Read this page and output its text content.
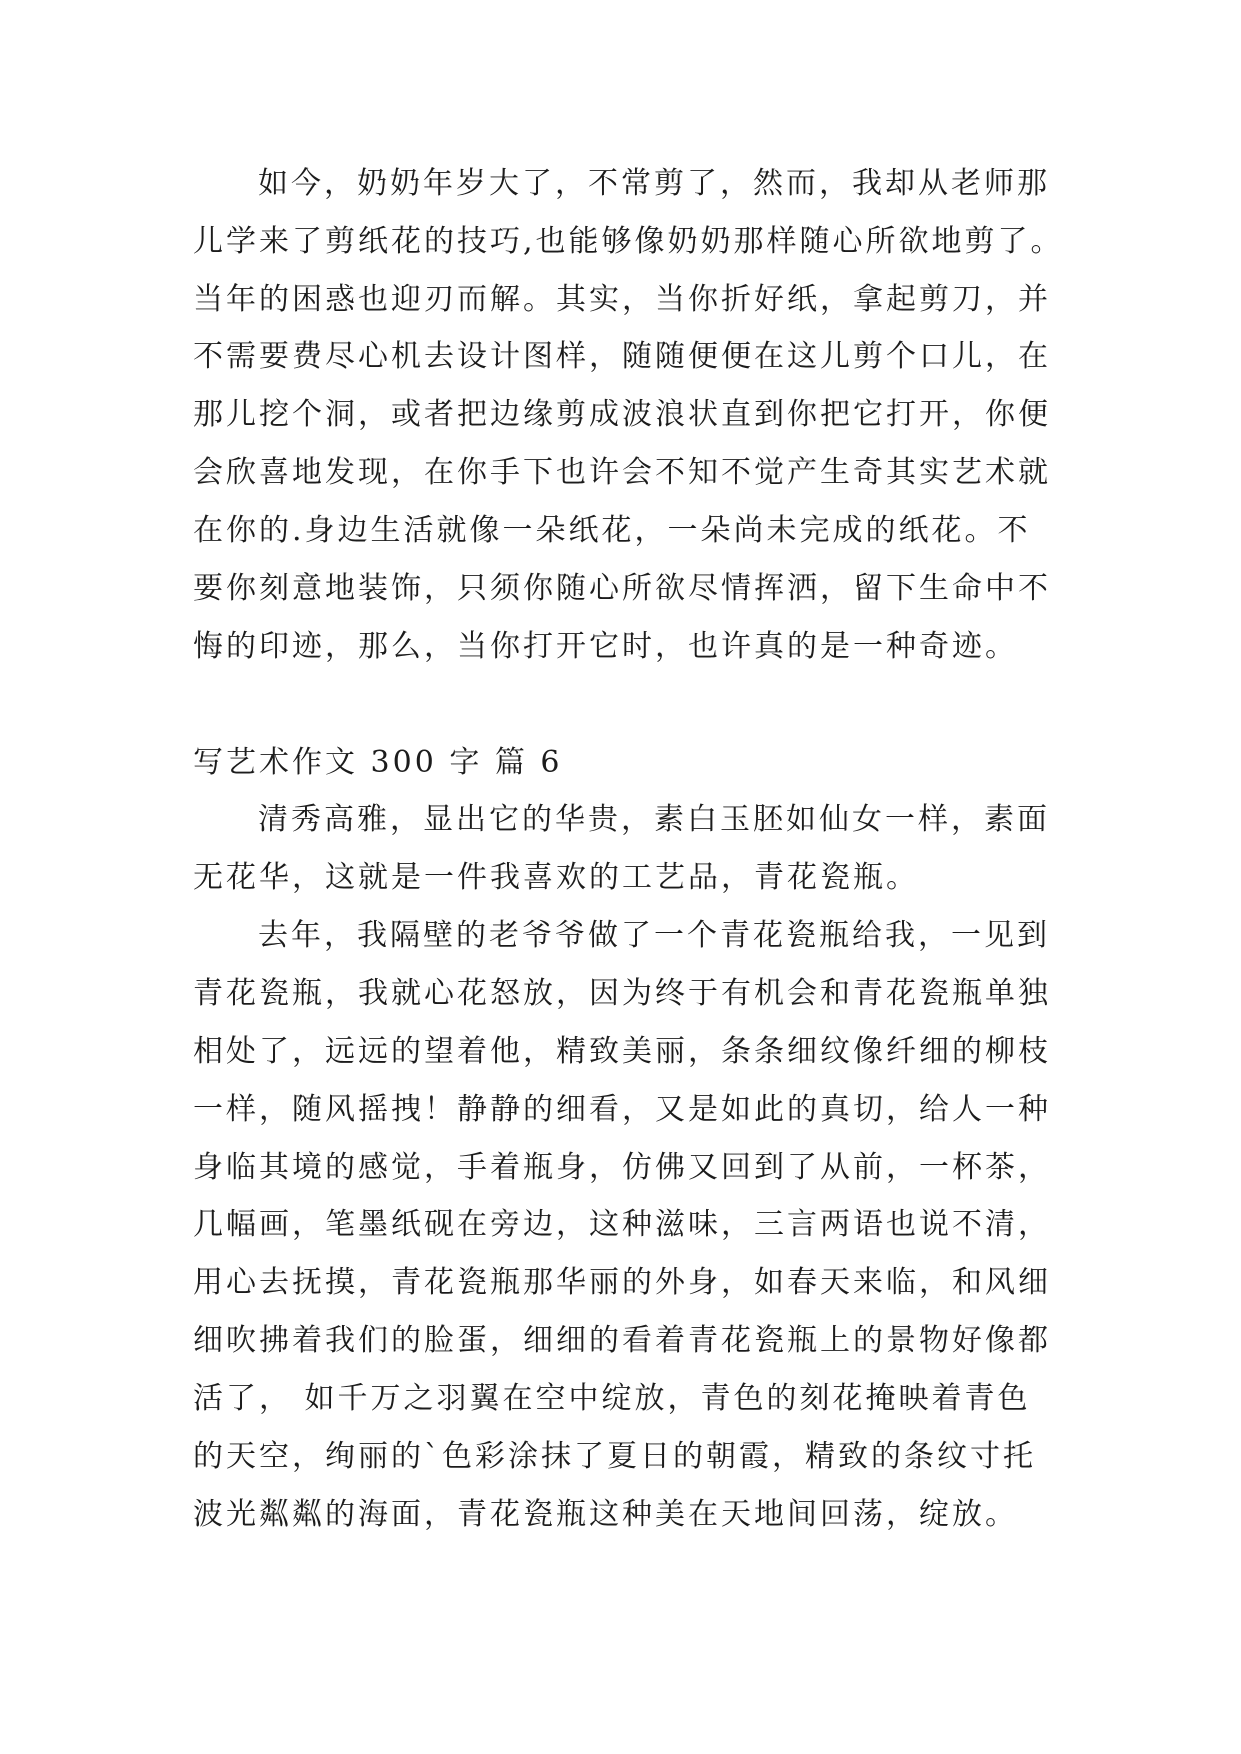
如今，奶奶年岁大了，不常剪了，然而，我却从老师那

儿学来了剪纸花的技巧,也能够像奶奶那样随心所欲地剪了。

当年的困惑也迎刃而解。其实，当你折好纸，拿起剪刀，并

不需要费尽心机去设计图样，随随便便在这儿剪个口儿，在

那儿挖个洞，或者把边缘剪成波浪状直到你把它打开，你便

会欣喜地发现，在你手下也许会不知不觉产生奇其实艺术就

在你的.身边生活就像一朵纸花，一朵尚未完成的纸花。不

要你刻意地装饰，只须你随心所欲尽情挥洒，留下生命中不

悔的印迹，那么，当你打开它时，也许真的是一种奇迹。

写艺术作文 300 字 篇 6

清秀高雅，显出它的华贵，素白玉胚如仙女一样，素面

无花华，这就是一件我喜欢的工艺品，青花瓷瓶。

去年，我隔壁的老爷爷做了一个青花瓷瓶给我，一见到

青花瓷瓶，我就心花怒放，因为终于有机会和青花瓷瓶单独

相处了，远远的望着他，精致美丽，条条细纹像纤细的柳枝

一样，随风摇拽！静静的细看，又是如此的真切，给人一种

身临其境的感觉，手着瓶身，仿佛又回到了从前，一杯茶，

几幅画，笔墨纸砚在旁边，这种滋味，三言两语也说不清，

用心去抚摸，青花瓷瓶那华丽的外身，如春天来临，和风细

细吹拂着我们的脸蛋，细细的看着青花瓷瓶上的景物好像都

活了， 如千万之羽翼在空中绽放，青色的刻花掩映着青色

的天空，绚丽的`色彩涂抹了夏日的朝霞，精致的条纹寸托

波光粼粼的海面，青花瓷瓶这种美在天地间回荡，绽放。
